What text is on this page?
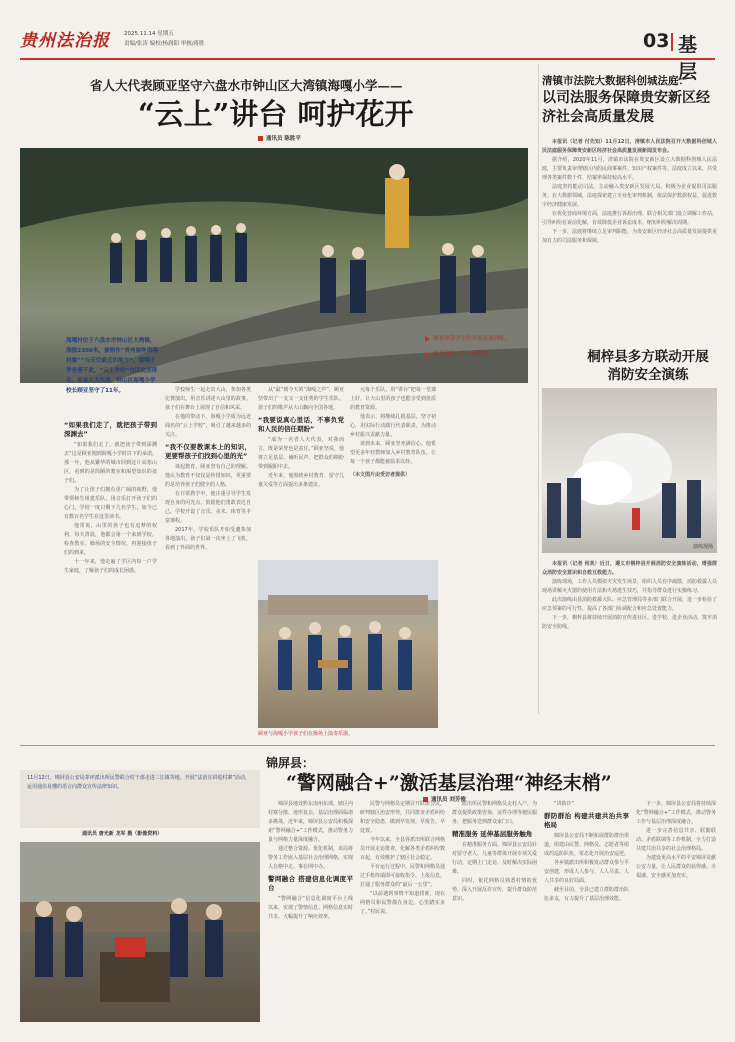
贵州法治报	2025.11.14 星期五
责编/张涛 编校/杨润阳 审核/蒋胜	03 基层
省人大代表顾亚坚守六盘水市钟山区大湾镇海嘎小学——
“云上”讲台 呵护花开
通讯员 陈胜平
海嘎村位于六盘水市钟山区大湾镇，海拔2300米，被称作“贵州屋脊海嘎村寨”“与天空最近的地方”。海嘎小学坐落于此，“云上学校”也因此而得名。而省人大代表、钟山区海嘎小学校长顾亚坚守了11年。
顾亚坚带学生们开展表演训练。
顾亚和孩子们一起唱歌。
“如果我们走了，就把孩子带到深渊去”

“如果我们走了，就把孩子带到深渊去”这是顾亚刚到海嘎小学时许下的承诺。那一年，他从繁华的城市回到这片高寒山区，看到的是简陋的教室和渴望知识的孩子们。

为了让孩子们拥有更广阔的视野，他带领师生组建乐队，用音乐打开孩子们的心门。学校一度只剩下几名学生，如今已有数百名学生在这里读书。

他常说，山里的孩子也有追梦的权利。每天清晨，他都会第一个来到学校，检查教室、操场的安全情况，再迎接孩子们的到来。

十一年来，他走遍了学区内每一户学生家庭，了解孩子们的成长困惑。

学校师生一起走出大山，参加各类比赛演出，用音乐讲述大山里的故事。孩子们在舞台上展现了自信和风采。

在他的带动下，海嘎小学成为远近闻名的“云上学校”，吸引了越来越多的关注。

“我不仅要教课本上的知识，更要帮孩子们找到心里的光”

谈起教育，顾亚坚有自己的理解。他认为教育不仅仅是传授知识，更重要的是培养孩子们健全的人格。

在日常教学中，他注重引导学生发现自身的闪光点，鼓励他们勇敢表达自己。学校开设了音乐、美术、体育等丰富课程。

2017年，学校乐队开始受邀参加各地演出，孩子们第一次坐上了飞机，看到了外面的世界。

从“最”到今天的“海嘎之声”，顾亚坚带出了一支又一支优秀的学生乐队。孩子们的歌声从大山飘向全国各地。

“我要说真心里话，不事负党和人民的信任期盼”

“成为一名省人大代表，对我而言，既是荣誉也是责任。”顾亚坚说，他将立足基层、倾听民声，把群众的期盼带到履职中去。

近年来，他围绕乡村教育、留守儿童关爱等方面提出多条建议。

元每个乐队，用“讲台”把每一堂课上好，让大山里的孩子也能享受到优质的教育资源。

他表示，将继续扎根基层，坚守初心，用实际行动践行代表职责，为推动乡村振兴贡献力量。

谈到未来，顾亚坚充满信心。他希望更多年轻教师加入乡村教育队伍，让每一个孩子都能被温柔以待。

（本文图片由受访者提供）
顾亚与海嘎小学孩子们在操场上演奏乐器。
清镇市法院大数据科创城法庭：
以司法服务保障贵安新区经济社会高质量发展

本报讯（记者 付先知）11月12日，清镇市人民法院召开大数据科创城人民法庭服务保障贵安新区经济社会高质量发展新闻发布会。

据介绍，2020年11月，清镇市法院在贵安新区设立大数据科创城人民法庭，主要负责审理辖区内的民商事案件、知识产权案件等。法庭成立以来，共受理各类案件数千件，结案率保持较高水平。

法庭坚持能动司法，主动融入贵安新区发展大局，积极为企业提供司法服务。在大数据领域，法庭探索建立专业化审判机制，依法保护数据权益，促进数字经济健康发展。

在优化营商环境方面，法庭推行诉源治理，联合相关部门设立调解工作站，引导纠纷在诉前化解，有效降低企业诉讼成本，缩短纠纷解决周期。

下一步，法庭将继续立足审判职能，为贵安新区经济社会高质量发展提供更加有力的司法服务和保障。

桐梓县多方联动开展消防安全演练
演练现场

本报讯（记者 何美）近日，遵义市桐梓县开展消防安全演练活动，增强群众消防安全意识和自救互救能力。

演练现场，工作人员模拟火灾发生场景，组织人员有序疏散，消防救援人员现场讲解灭火器的使用方法和火场逃生技巧，并指导群众进行实操练习。

此次演练由县消防救援大队、应急管理局等多部门联合开展，进一步检验了应急预案的可行性，提高了各部门协调配合和应急处置能力。

下一步，桐梓县将持续开展消防宣传进社区、进学校、进企业活动，筑牢消防安全防线。

锦屏县：
“警网融合+”激活基层治理“神经末梢”
通讯员 刘芳俊
11月12日，锦屏县公安局茅坪派出所民警联合村干部走进三江镇等地，开展“法治宣讲进村寨”活动，运用通俗易懂的语言向群众宣传法律知识。
通讯员 唐光新 龙军 摄（影像资料）

锦屏县地处黔东南州东部，辖区内村寨分散、地形复杂，基层治理面临诸多挑战。近年来，锦屏县公安局积极探索“警网融合+”工作模式，推动警务力量与网格力量深度融合。

通过整合资源、优化机制，该局将警务工作嵌入基层社会治理网格，实现人在格中走、事在网中办。

警网融合 搭建信息化调度平台

“警网融合”信息化调度平台上线以来，实现了警情信息、网格信息实时共享，大幅提升了响应效率。

民警与网格员定期召开联席会议，研判辖区治安形势，共同排查矛盾纠纷和安全隐患，做到早发现、早报告、早处置。

今年以来，全县各派出所联合网格员开展走访排查，化解各类矛盾纠纷数百起，有效维护了辖区社会稳定。

平台运行过程中，民警和网格员通过手机终端即可接收指令、上报信息，打通了服务群众的“最后一公里”。

“以前遇到事情不知道找谁，现在网格员和民警都在身边，心里踏实多了。”村民说。

派出所民警和网格员走村入户，为群众提供政策咨询、证件办理等便民服务，把服务送到群众家门口。

精准服务 延伸基层服务触角

在精准服务方面，锦屏县公安局针对留守老人、儿童等群体开展专项关爱行动，定期上门走访，及时解决实际困难。

同时，依托网格员熟悉村情的优势，深入开展反诈宣传，提升群众防范意识。

“讲防诈”

群防群治 构建共建共治共享格局

锦屏县公安局不断拓展群防群治渠道，组建由民警、网格员、志愿者等组成的巡防队伍，常态化开展治安巡逻。

各乡镇派出所积极发动群众参与平安创建，形成人人参与、人人尽责、人人共享的良好局面。

截至目前，全县已建立群防群治队伍多支，有力提升了基层治理效能。

下一步，锦屏县公安局将持续深化“警网融合+”工作模式，推动警务工作与基层治理深度融合。

进一步完善信息共享、联勤联动、矛盾联调等工作机制，全力打造共建共治共享的社会治理格局。

为建设更高水平的平安锦屏贡献公安力量，让人民群众的获得感、幸福感、安全感更加充实。
